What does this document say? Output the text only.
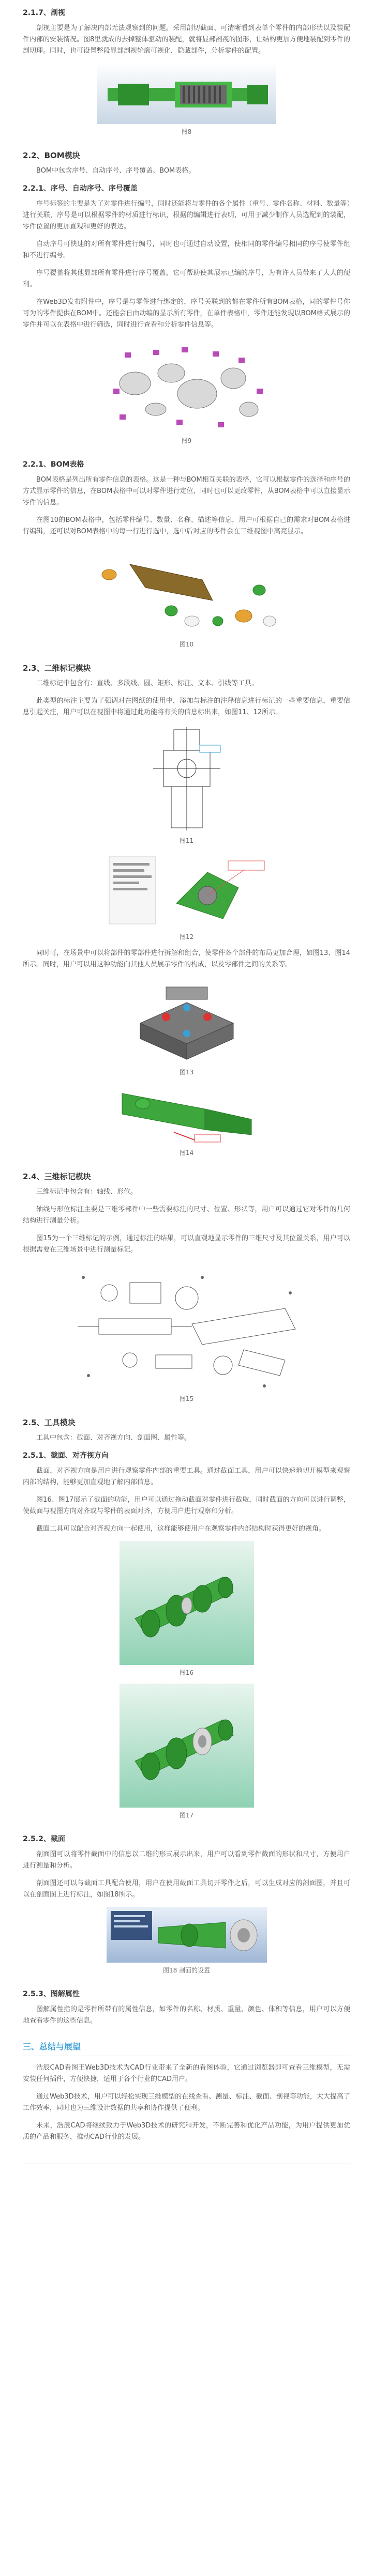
2.1.7、剖视

剖视主要是为了解决内部无法观察到的问题。采用剖切截面、可清晰看到表单个零件的内部形状以及装配件内部的安装情况。图8里就成的去掉整体驱动的装配，就将显部剖视的图形，让结构更加方便地装配到零件的剖切理。同时，也可设置整段显部剖视轮廓可视化，隐藏部件，分析零件的配置。

图8
2.2、BOM模块

BOM中包含序号、自动序号、序号覆盖、BOM表格。

2.2.1、序号、自动序号、序号覆盖

序号标签的主要是为了对零件进行编号，同时还能将与零件的各个属性（重号、零件名称、材料、数量等）进行关联，序号是可以根据零件的材质进行标识，根据的编辑进行表明，可用于减少制作人员选配到的装配，零件位置的更加直观和更好的表达。

自动序号可快速的对所有零件进行编号，同时也可通过自动设置，使相同的零件编号相同的序号使零件组和不进行编号。

序号覆盖将其他显部所有零件进行序号覆盖，它可帮助使其展示已编的序号，为有许人员带来了大大的便利。

在Web3D发布附件中，序号是与零件进行绑定的，序号关联到的都在零件所有BOM表格，同的零件号你可为的零件提供在BOM中。还能会自由动编的显示所有零件，在单件表格中，零件还能发现以BOM格式展示的零件并可以在表格中进行筛选，同时进行查看和分析零件信息等。

图9
2.2.1、BOM表格

BOM表格是列出所有零件信息的表格。这是一种与BOM相互关联的表格，它可以根据零件的选择和序号的方式显示零件的信息，在BOM表格中可以对零件进行定位，同时也可以更改零件，从BOM表格中可以直接显示零件的信息。

在图10的BOM表格中，包括零件编号、数量、名称、描述等信息，用户可根据自己的需求对BOM表格进行编辑，还可以对BOM表格中的每一行进行选中，选中后对应的零件会在三维视图中高亮显示。

图10
2.3、二维标记模块

二维标记中包含有：直线、多段线、圆、矩形、标注、文本、引线等工具。

此类型的标注主要为了强调对在图纸的使用中，添加与标注的注释信息进行标记的一些重要信息，重要信息引起关注，用户可以在视图中将通过此功能将有关的信息标出来，如图11、12所示。

图11
图12

同时可，在场景中可以将部件的零部件进行拆解和组合，使零件各个部件的布局更加合理，如图13、图14所示。同时，用户可以用这种功能向其他人员展示零件的构成，以及零部件之间的关系等。

图13
图14
2.4、三维标记模块

三维标记中包含有：轴线、形位。

轴线与形位标注主要是三维零部件中一些需要标注的尺寸、位置、形状等，用户可以通过它对零件的几何结构进行测量分析。

图15为一个三维标记的示例，通过标注的结果，可以直观地显示零件的三维尺寸及其位置关系，用户可以根据需要在三维场景中进行测量标记。

图15
2.5、工具模块

工具中包含：截面、对齐视方向、剖面图、属性等。

2.5.1、截面、对齐视方向

截面，对齐视方向是用户进行观察零件内部的重要工具。通过截面工具，用户可以快速地切开模型来观察内部的结构，能够更加直观地了解内部信息。

图16、图17展示了截面的功能，用户可以通过拖动截面对零件进行截取，同时截面的方向可以进行调整，使截面与视图方向对齐或与零件的表面对齐，方便用户进行观察和分析。

截面工具可以配合对齐视方向一起使用，这样能够使用户在观察零件内部结构时获得更好的视角。

图16
图17
2.5.2、截面

剖面图可以将零件截面中的信息以二维的形式展示出来，用户可以看到零件截面的形状和尺寸，方便用户进行测量和分析。

剖面图还可以与截面工具配合使用，用户在使用截面工具切开零件之后，可以生成对应的剖面图，并且可以在剖面图上进行标注，如图18所示。

图18 剖面的设置
2.5.3、图解属性

图解属性指的是零件所带有的属性信息，如零件的名称、材质、重量、颜色、体积等信息，用户可以方便地查看零件的这些信息。

三、总结与展望

浩辰CAD看图王Web3D技术为CAD行业带来了全新的看图体验，它通过浏览器即可查看三维模型，无需安装任何插件，方便快捷，适用于各个行业的CAD用户。

通过Web3D技术，用户可以轻松实现三维模型的在线查看、测量、标注、截面、剖视等功能，大大提高了工作效率，同时也为三维设计数据的共享和协作提供了便利。

未来，浩辰CAD将继续致力于Web3D技术的研究和开发，不断完善和优化产品功能，为用户提供更加优质的产品和服务，推动CAD行业的发展。
